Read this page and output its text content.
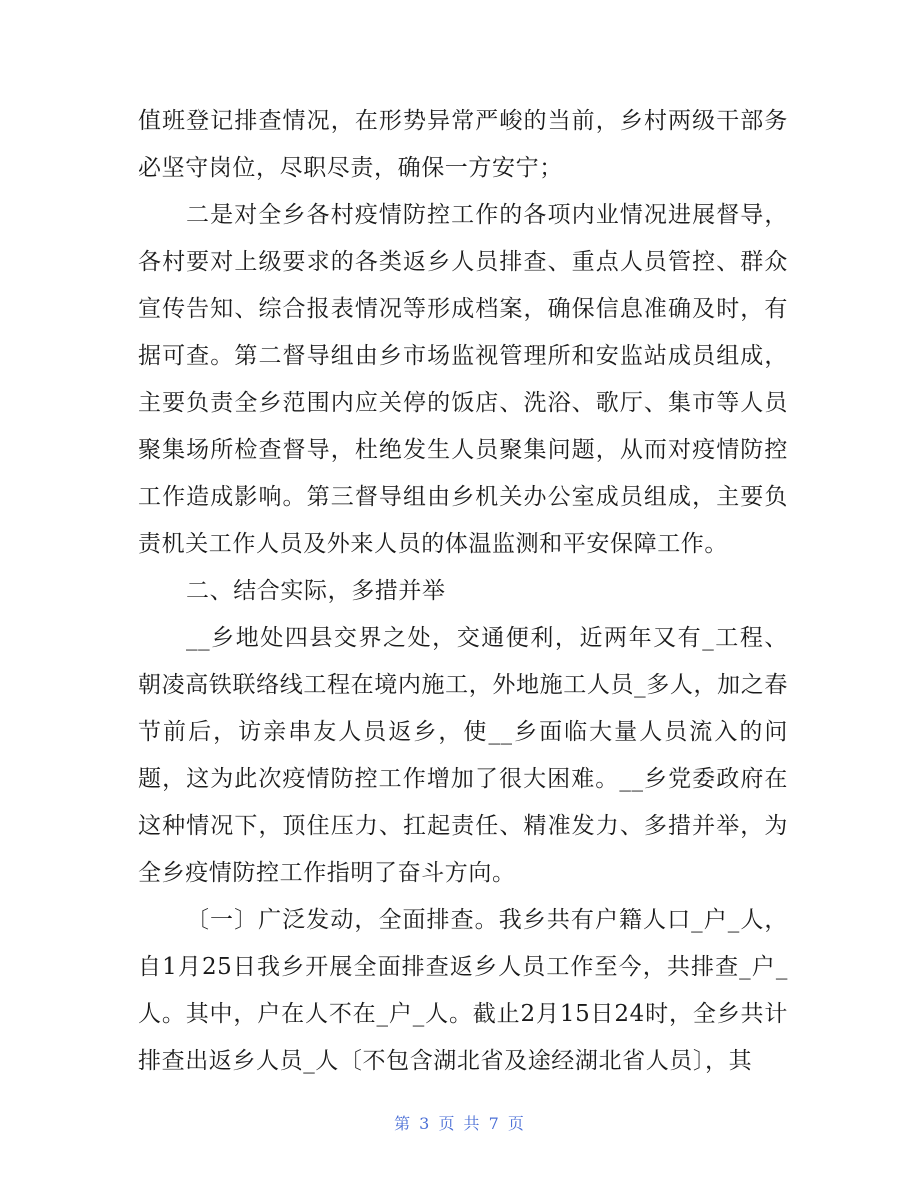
值班登记排查情况，在形势异常严峻的当前，乡村两级干部务必坚守岗位，尽职尽责，确保一方安宁；

二是对全乡各村疫情防控工作的各项内业情况进展督导，各村要对上级要求的各类返乡人员排查、重点人员管控、群众宣传告知、综合报表情况等形成档案，确保信息准确及时，有据可查。第二督导组由乡市场监视管理所和安监站成员组成，主要负责全乡范围内应关停的饭店、洗浴、歌厅、集市等人员聚集场所检查督导，杜绝发生人员聚集问题，从而对疫情防控工作造成影响。第三督导组由乡机关办公室成员组成，主要负责机关工作人员及外来人员的体温监测和平安保障工作。

二、结合实际，多措并举

__乡地处四县交界之处，交通便利，近两年又有_工程、朝凌高铁联络线工程在境内施工，外地施工人员_多人，加之春节前后，访亲串友人员返乡，使__乡面临大量人员流入的问题，这为此次疫情防控工作增加了很大困难。__乡党委政府在这种情况下，顶住压力、扛起责任、精准发力、多措并举，为全乡疫情防控工作指明了奋斗方向。

〔一〕广泛发动，全面排查。我乡共有户籍人口_户_人，自1月25日我乡开展全面排查返乡人员工作至今，共排查_户_人。其中，户在人不在_户_人。截止2月15日24时，全乡共计排查出返乡人员_人〔不包含湖北省及途经湖北省人员〕，其

第 3 页 共 7 页
